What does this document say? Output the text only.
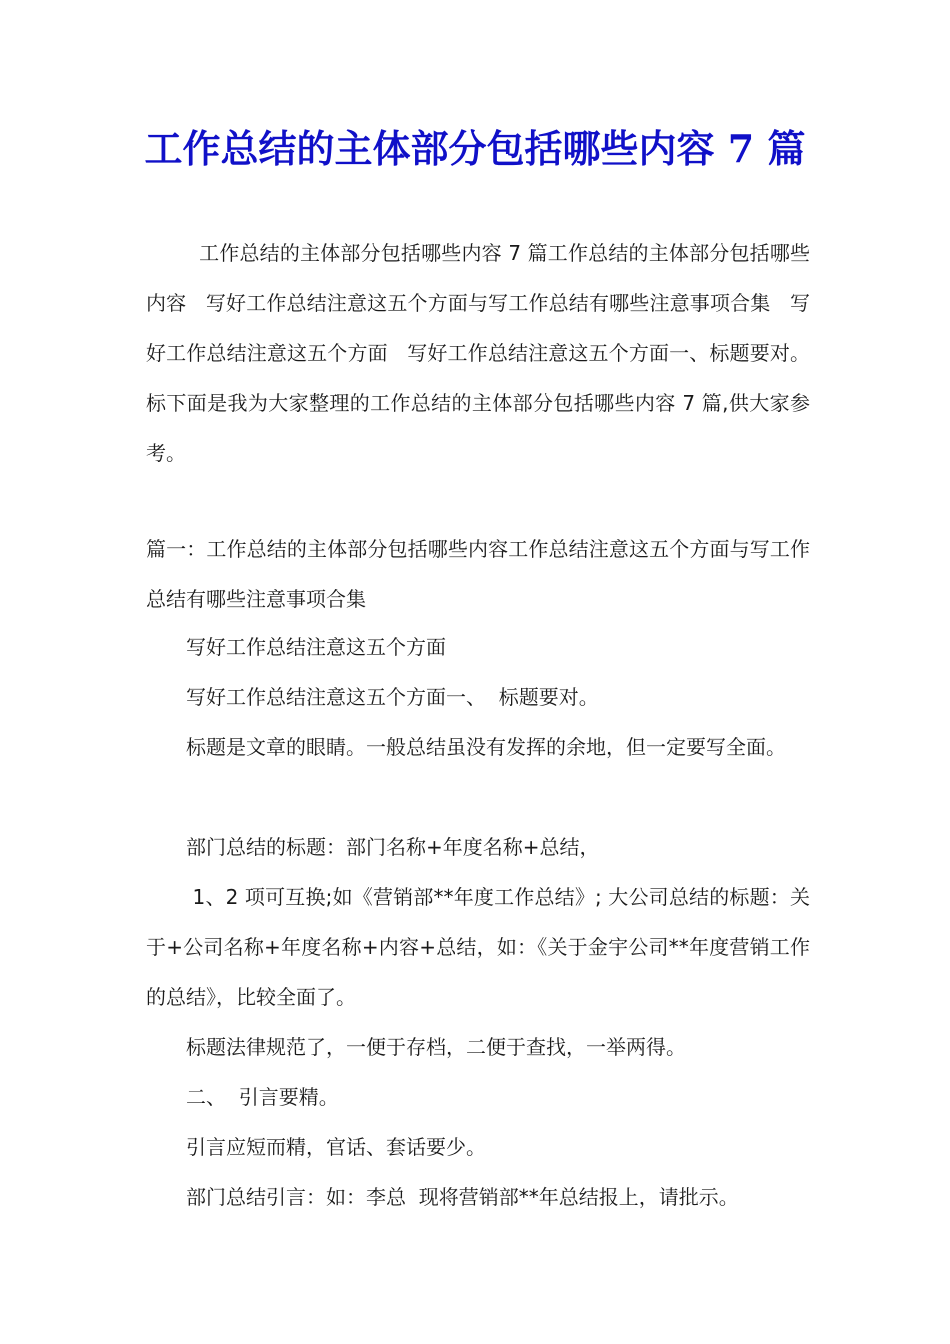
工作总结的主体部分包括哪些内容 7 篇

工作总结的主体部分包括哪些内容 7 篇工作总结的主体部分包括哪些内容   写好工作总结注意这五个方面与写工作总结有哪些注意事项合集   写好工作总结注意这五个方面   写好工作总结注意这五个方面一、标题要对。    标下面是我为大家整理的工作总结的主体部分包括哪些内容 7 篇,供大家参考。

篇一：工作总结的主体部分包括哪些内容工作总结注意这五个方面与写工作总结有哪些注意事项合集

写好工作总结注意这五个方面

写好工作总结注意这五个方面一、  标题要对。

标题是文章的眼睛。一般总结虽没有发挥的余地，但一定要写全面。

部门总结的标题：部门名称+年度名称+总结，

1、2 项可互换;如《营销部**年度工作总结》; 大公司总结的标题：关于+公司名称+年度名称+内容+总结，如：《关于金宇公司**年度营销工作的总结》，比较全面了。

标题法律规范了，一便于存档，二便于查找，一举两得。

二、  引言要精。

引言应短而精，官话、套话要少。

部门总结引言：如：李总  现将营销部**年总结报上，请批示。
